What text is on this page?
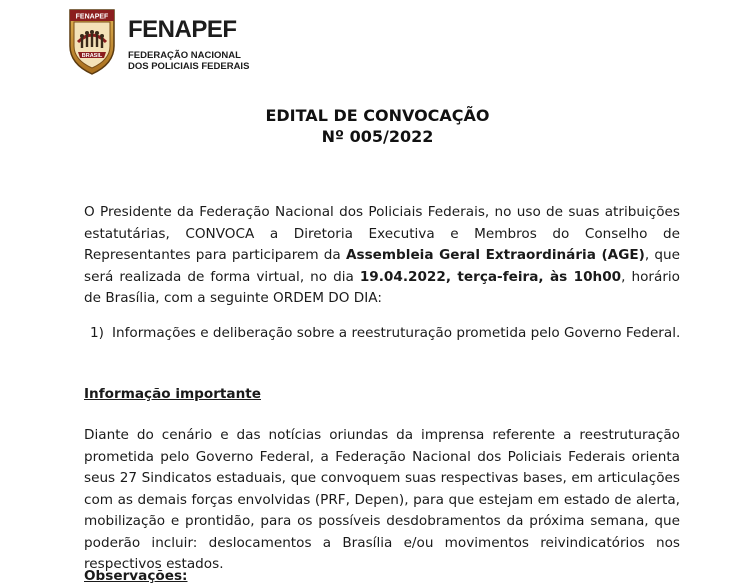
FENAPEF
BRASIL
FENAPEF
FEDERAÇÃO NACIONAL
DOS POLICIAIS FEDERAIS
EDITAL DE CONVOCAÇÃO
Nº 005/2022
O Presidente da Federação Nacional dos Policiais Federais, no uso de suas atribuições estatutárias, CONVOCA a Diretoria Executiva e Membros do Conselho de Representantes para participarem da Assembleia Geral Extraordinária (AGE), que será realizada de forma virtual, no dia 19.04.2022, terça-feira, às 10h00, horário de Brasília, com a seguinte ORDEM DO DIA:
1) Informações e deliberação sobre a reestruturação prometida pelo Governo Federal.
Informação importante
Diante do cenário e das notícias oriundas da imprensa referente a reestruturação prometida pelo Governo Federal, a Federação Nacional dos Policiais Federais orienta seus 27 Sindicatos estaduais, que convoquem suas respectivas bases, em articulações com as demais forças envolvidas (PRF, Depen), para que estejam em estado de alerta, mobilização e prontidão, para os possíveis desdobramentos da próxima semana, que poderão incluir: deslocamentos a Brasília e/ou movimentos reivindicatórios nos respectivos estados.
Observações:
